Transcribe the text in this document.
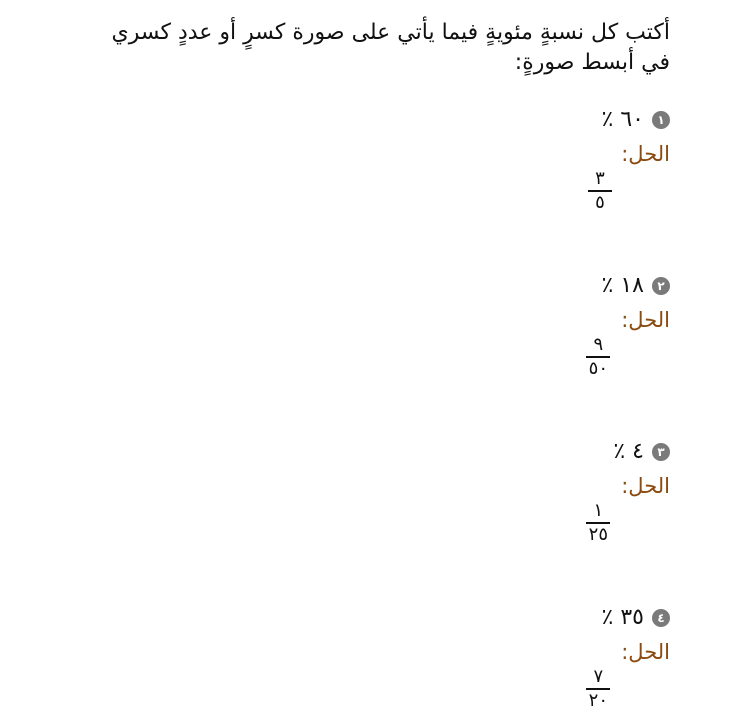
أكتب كل نسبةٍ مئويةٍ فيما يأتي على صورة كسرٍ أو عددٍ كسري
في أبسط صورةٍ:
١
٦٠ ٪
الحل:
$\frac{٣}{٥}$
٢
١٨ ٪
الحل:
$\frac{٩}{٥٠}$
٣
٤ ٪
الحل:
$\frac{١}{٢٥}$
٤
٣٥ ٪
الحل:
$\frac{٧}{٢٠}$
